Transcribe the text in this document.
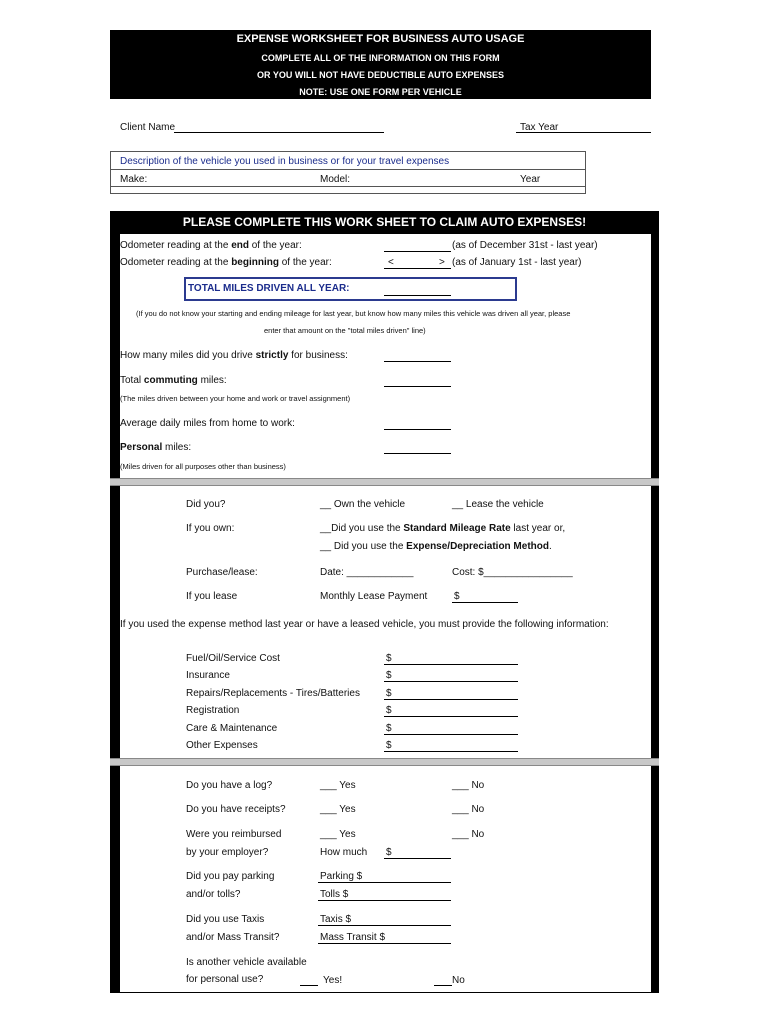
EXPENSE WORKSHEET FOR BUSINESS AUTO USAGE
COMPLETE ALL OF THE INFORMATION ON THIS FORM
OR YOU WILL NOT HAVE DEDUCTIBLE AUTO EXPENSES
NOTE: USE ONE FORM PER VEHICLE
Client Name	Tax Year
Description of the vehicle you used in business or for your travel expenses
Make:	Model:	Year
PLEASE COMPLETE THIS WORK SHEET TO CLAIM AUTO EXPENSES!
Odometer reading at the end of the year:	(as of December 31st - last year)
Odometer reading at the beginning of the year:	<	> (as of January 1st - last year)
TOTAL MILES DRIVEN ALL YEAR:
(If you do not know your starting and ending mileage for last year, but know how many miles this vehicle was driven all year, please
enter that amount on the "total miles driven" line)
How many miles did you drive strictly for business:
Total commuting miles:
(The miles driven between your home and work or travel assignment)
Average daily miles from home to work:
Personal miles:
(Miles driven for all purposes other than business)
Did you?	__ Own the vehicle	__ Lease the vehicle
If you own:	__Did you use the Standard Mileage Rate last year or,
__ Did you use the Expense/Depreciation Method.
Purchase/lease:	Date: ____________	Cost: $________________
If you lease	Monthly Lease Payment	$
If you used the expense method last year or have a leased vehicle, you must provide the following information:
Fuel/Oil/Service Cost	$
Insurance	$
Repairs/Replacements - Tires/Batteries	$
Registration	$
Care & Maintenance	$
Other Expenses	$
Do you have a log?	___ Yes	___ No
Do you have receipts?	___ Yes	___ No
Were you reimbursed	___ Yes	___ No
by your employer?	How much $
Did you pay parking	Parking $
and/or tolls?	Tolls $
Did you use Taxis	Taxis $
and/or Mass Transit?	Mass Transit $
Is another vehicle available
for personal use?	Yes!	No
